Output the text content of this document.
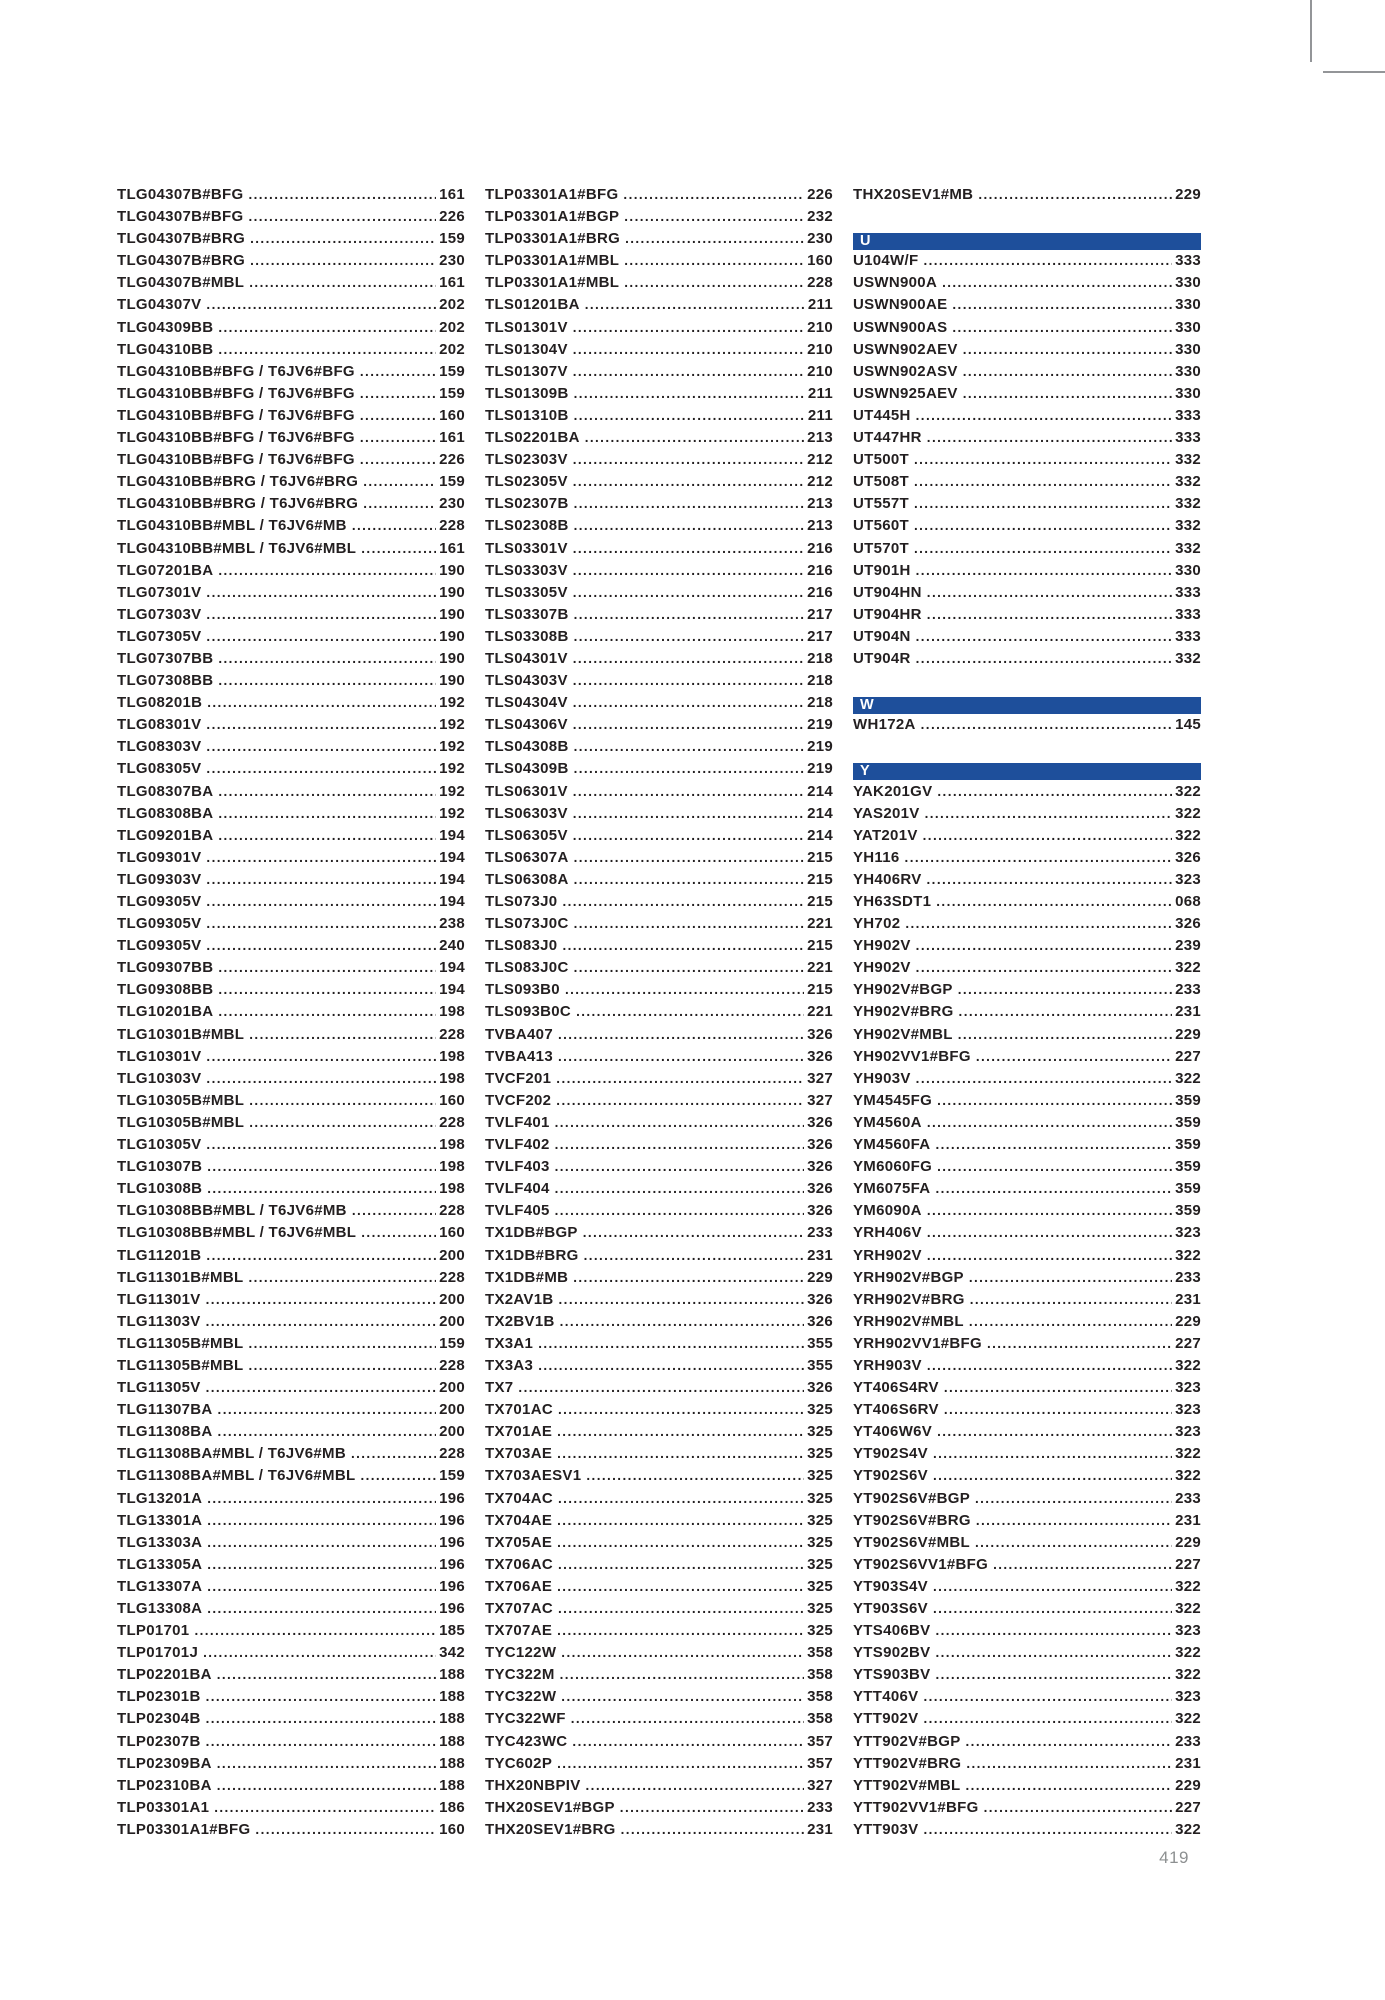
TLG04307B#BFG .....	161
TLG04307B#BFG .....	226
TLG04307B#BRG .....	159
TLG04307B#BRG .....	230
TLG04307B#MBL .....	161
TLG04307V .....	202
TLG04309BB .....	202
TLG04310BB .....	202
TLG04310BB#BFG / T6JV6#BFG .....	159
TLG04310BB#BFG / T6JV6#BFG .....	159
TLG04310BB#BFG / T6JV6#BFG .....	160
TLG04310BB#BFG / T6JV6#BFG .....	161
TLG04310BB#BFG / T6JV6#BFG .....	226
TLG04310BB#BRG / T6JV6#BRG .....	159
TLG04310BB#BRG / T6JV6#BRG .....	230
TLG04310BB#MBL / T6JV6#MB .....	228
TLG04310BB#MBL / T6JV6#MBL .....	161
TLG07201BA .....	190
TLG07301V .....	190
TLG07303V .....	190
TLG07305V .....	190
TLG07307BB .....	190
TLG07308BB .....	190
TLG08201B .....	192
TLG08301V .....	192
TLG08303V .....	192
TLG08305V .....	192
TLG08307BA .....	192
TLG08308BA .....	192
TLG09201BA .....	194
TLG09301V .....	194
TLG09303V .....	194
TLG09305V .....	194
TLG09305V .....	238
TLG09305V .....	240
TLG09307BB .....	194
TLG09308BB .....	194
TLG10201BA .....	198
TLG10301B#MBL .....	228
TLG10301V .....	198
TLG10303V .....	198
TLG10305B#MBL .....	160
TLG10305B#MBL .....	228
TLG10305V .....	198
TLG10307B .....	198
TLG10308B .....	198
TLG10308BB#MBL / T6JV6#MB .....	228
TLG10308BB#MBL / T6JV6#MBL .....	160
TLG11201B .....	200
TLG11301B#MBL .....	228
TLG11301V .....	200
TLG11303V .....	200
TLG11305B#MBL .....	159
TLG11305B#MBL .....	228
TLG11305V .....	200
TLG11307BA .....	200
TLG11308BA .....	200
TLG11308BA#MBL / T6JV6#MB .....	228
TLG11308BA#MBL / T6JV6#MBL .....	159
TLG13201A .....	196
TLG13301A .....	196
TLG13303A .....	196
TLG13305A .....	196
TLG13307A .....	196
TLG13308A .....	196
TLP01701 .....	185
TLP01701J .....	342
TLP02201BA .....	188
TLP02301B .....	188
TLP02304B .....	188
TLP02307B .....	188
TLP02309BA .....	188
TLP02310BA .....	188
TLP03301A1 .....	186
TLP03301A1#BFG .....	160
TLP03301A1#BFG .....	226
TLP03301A1#BGP .....	232
TLP03301A1#BRG .....	230
TLP03301A1#MBL .....	160
TLP03301A1#MBL .....	228
TLS01201BA .....	211
TLS01301V .....	210
TLS01304V .....	210
TLS01307V .....	210
TLS01309B .....	211
TLS01310B .....	211
TLS02201BA .....	213
TLS02303V .....	212
TLS02305V .....	212
TLS02307B .....	213
TLS02308B .....	213
TLS03301V .....	216
TLS03303V .....	216
TLS03305V .....	216
TLS03307B .....	217
TLS03308B .....	217
TLS04301V .....	218
TLS04303V .....	218
TLS04304V .....	218
TLS04306V .....	219
TLS04308B .....	219
TLS04309B .....	219
TLS06301V .....	214
TLS06303V .....	214
TLS06305V .....	214
TLS06307A .....	215
TLS06308A .....	215
TLS073J0 .....	215
TLS073J0C .....	221
TLS083J0 .....	215
TLS083J0C .....	221
TLS093B0 .....	215
TLS093B0C .....	221
TVBA407 .....	326
TVBA413 .....	326
TVCF201 .....	327
TVCF202 .....	327
TVLF401 .....	326
TVLF402 .....	326
TVLF403 .....	326
TVLF404 .....	326
TVLF405 .....	326
TX1DB#BGP .....	233
TX1DB#BRG .....	231
TX1DB#MB .....	229
TX2AV1B .....	326
TX2BV1B .....	326
TX3A1 .....	355
TX3A3 .....	355
TX7 .....	326
TX701AC .....	325
TX701AE .....	325
TX703AE .....	325
TX703AESV1 .....	325
TX704AC .....	325
TX704AE .....	325
TX705AE .....	325
TX706AC .....	325
TX706AE .....	325
TX707AC .....	325
TX707AE .....	325
TYC122W .....	358
TYC322M .....	358
TYC322W .....	358
TYC322WF .....	358
TYC423WC .....	357
TYC602P .....	357
THX20NBPIV .....	327
THX20SEV1#BGP .....	233
THX20SEV1#BRG .....	231
THX20SEV1#MB .....	229
U
U104W/F .....	333
USWN900A .....	330
USWN900AE .....	330
USWN900AS .....	330
USWN902AEV .....	330
USWN902ASV .....	330
USWN925AEV .....	330
UT445H .....	333
UT447HR .....	333
UT500T .....	332
UT508T .....	332
UT557T .....	332
UT560T .....	332
UT570T .....	332
UT901H .....	330
UT904HN .....	333
UT904HR .....	333
UT904N .....	333
UT904R .....	332
W
WH172A .....	145
Y
YAK201GV .....	322
YAS201V .....	322
YAT201V .....	322
YH116 .....	326
YH406RV .....	323
YH63SDT1 .....	068
YH702 .....	326
YH902V .....	239
YH902V .....	322
YH902V#BGP .....	233
YH902V#BRG .....	231
YH902V#MBL .....	229
YH902VV1#BFG .....	227
YH903V .....	322
YM4545FG .....	359
YM4560A .....	359
YM4560FA .....	359
YM6060FG .....	359
YM6075FA .....	359
YM6090A .....	359
YRH406V .....	323
YRH902V .....	322
YRH902V#BGP .....	233
YRH902V#BRG .....	231
YRH902V#MBL .....	229
YRH902VV1#BFG .....	227
YRH903V .....	322
YT406S4RV .....	323
YT406S6RV .....	323
YT406W6V .....	323
YT902S4V .....	322
YT902S6V .....	322
YT902S6V#BGP .....	233
YT902S6V#BRG .....	231
YT902S6V#MBL .....	229
YT902S6VV1#BFG .....	227
YT903S4V .....	322
YT903S6V .....	322
YTS406BV .....	323
YTS902BV .....	322
YTS903BV .....	322
YTT406V .....	323
YTT902V .....	322
YTT902V#BGP .....	233
YTT902V#BRG .....	231
YTT902V#MBL .....	229
YTT902VV1#BFG .....	227
YTT903V .....	322
419
